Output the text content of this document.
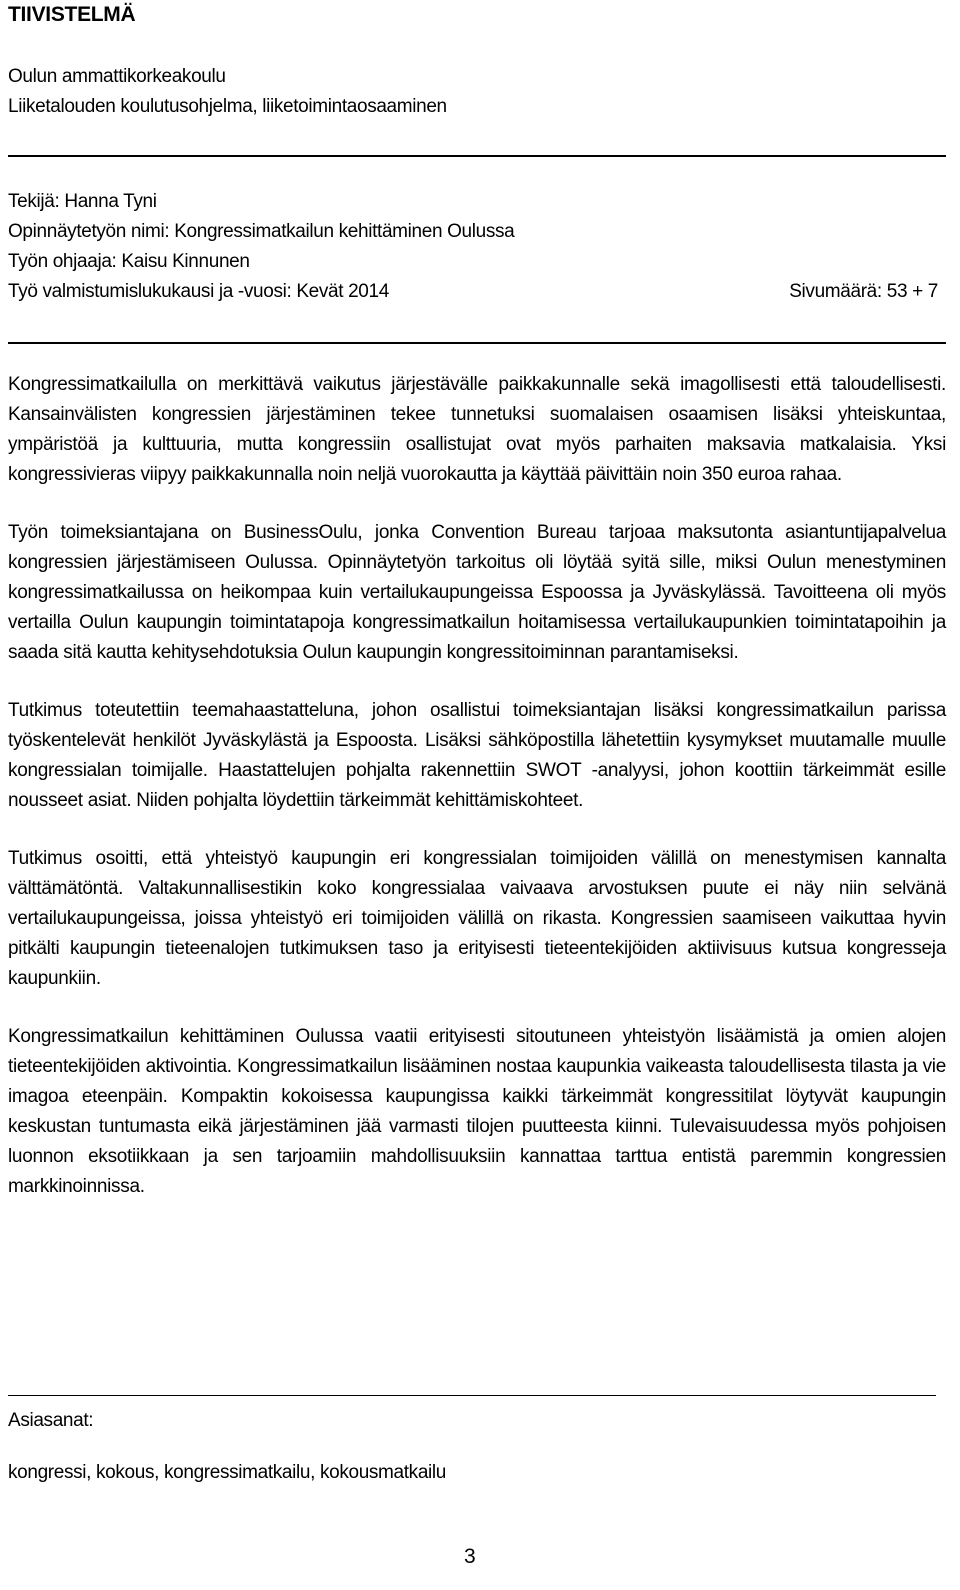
TIIVISTELMÄ
Oulun ammattikorkeakoulu
Liiketalouden koulutusohjelma, liiketoimintaosaaminen
Tekijä: Hanna Tyni
Opinnäytetyön nimi: Kongressimatkailun kehittäminen Oulussa
Työn ohjaaja: Kaisu Kinnunen
Työ valmistumislukukausi ja -vuosi: Kevät 2014	Sivumäärä: 53 + 7

Kongressimatkailulla on merkittävä vaikutus järjestävälle paikkakunnalle sekä imagollisesti että taloudellisesti. Kansainvälisten kongressien järjestäminen tekee tunnetuksi suomalaisen osaamisen lisäksi yhteiskuntaa, ympäristöä ja kulttuuria, mutta kongressiin osallistujat ovat myös parhaiten maksavia matkalaisia. Yksi kongressivieras viipyy paikkakunnalla noin neljä vuorokautta ja käyttää päivittäin noin 350 euroa rahaa.

Työn toimeksiantajana on BusinessOulu, jonka Convention Bureau tarjoaa maksutonta asiantuntijapalvelua kongressien järjestämiseen Oulussa. Opinnäytetyön tarkoitus oli löytää syitä sille, miksi Oulun menestyminen kongressimatkailussa on heikompaa kuin vertailukaupungeissa Espoossa ja Jyväskylässä. Tavoitteena oli myös vertailla Oulun kaupungin toimintatapoja kongressimatkailun hoitamisessa vertailukaupunkien toimintatapoihin ja saada sitä kautta kehitysehdotuksia Oulun kaupungin kongressitoiminnan parantamiseksi.

Tutkimus toteutettiin teemahaastatteluna, johon osallistui toimeksiantajan lisäksi kongressimatkailun parissa työskentelevät henkilöt Jyväskylästä ja Espoosta. Lisäksi sähköpostilla lähetettiin kysymykset muutamalle muulle kongressialan toimijalle. Haastattelujen pohjalta rakennettiin SWOT -analyysi, johon koottiin tärkeimmät esille nousseet asiat. Niiden pohjalta löydettiin tärkeimmät kehittämiskohteet.

Tutkimus osoitti, että yhteistyö kaupungin eri kongressialan toimijoiden välillä on menestymisen kannalta välttämätöntä. Valtakunnallisestikin koko kongressialaa vaivaava arvostuksen puute ei näy niin selvänä vertailukaupungeissa, joissa yhteistyö eri toimijoiden välillä on rikasta. Kongressien saamiseen vaikuttaa hyvin pitkälti kaupungin tieteenalojen tutkimuksen taso ja erityisesti tieteentekijöiden aktiivisuus kutsua kongresseja kaupunkiin.

Kongressimatkailun kehittäminen Oulussa vaatii erityisesti sitoutuneen yhteistyön lisäämistä ja omien alojen tieteentekijöiden aktivointia. Kongressimatkailun lisääminen nostaa kaupunkia vaikeasta taloudellisesta tilasta ja vie imagoa eteenpäin. Kompaktin kokoisessa kaupungissa kaikki tärkeimmät kongressitilat löytyvät kaupungin keskustan tuntumasta eikä järjestäminen jää varmasti tilojen puutteesta kiinni. Tulevaisuudessa myös pohjoisen luonnon eksotiikkaan ja sen tarjoamiin mahdollisuuksiin kannattaa tarttua entistä paremmin kongressien markkinoinnissa.

Asiasanat:
kongressi, kokous, kongressimatkailu, kokousmatkailu
3
